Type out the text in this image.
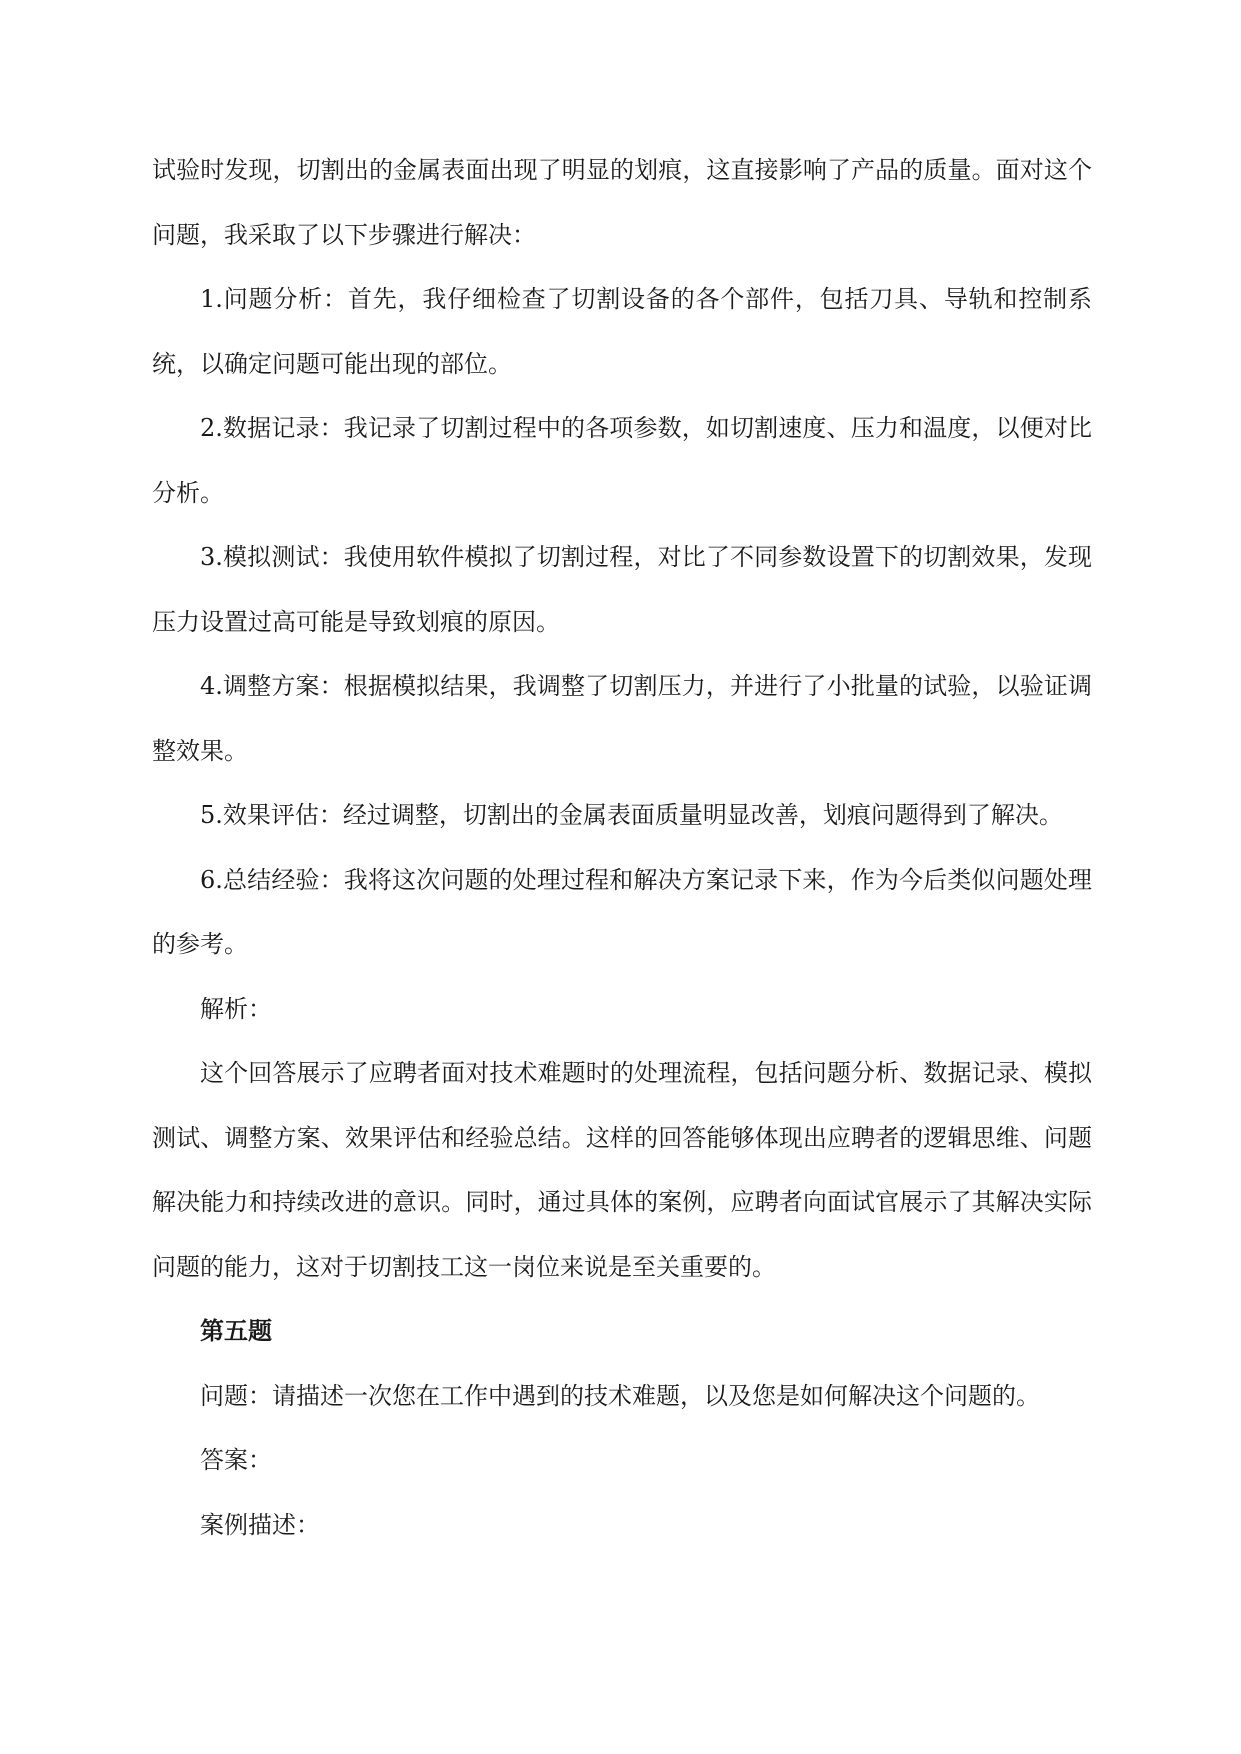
试验时发现，切割出的金属表面出现了明显的划痕，这直接影响了产品的质量。面对这个问题，我采取了以下步骤进行解决：

1.问题分析：首先，我仔细检查了切割设备的各个部件，包括刀具、导轨和控制系统，以确定问题可能出现的部位。

2.数据记录：我记录了切割过程中的各项参数，如切割速度、压力和温度，以便对比分析。

3.模拟测试：我使用软件模拟了切割过程，对比了不同参数设置下的切割效果，发现压力设置过高可能是导致划痕的原因。

4.调整方案：根据模拟结果，我调整了切割压力，并进行了小批量的试验，以验证调整效果。

5.效果评估：经过调整，切割出的金属表面质量明显改善，划痕问题得到了解决。

6.总结经验：我将这次问题的处理过程和解决方案记录下来，作为今后类似问题处理的参考。

解析：

这个回答展示了应聘者面对技术难题时的处理流程，包括问题分析、数据记录、模拟测试、调整方案、效果评估和经验总结。这样的回答能够体现出应聘者的逻辑思维、问题解决能力和持续改进的意识。同时，通过具体的案例，应聘者向面试官展示了其解决实际问题的能力，这对于切割技工这一岗位来说是至关重要的。

第五题

问题：请描述一次您在工作中遇到的技术难题，以及您是如何解决这个问题的。

答案：

案例描述：
